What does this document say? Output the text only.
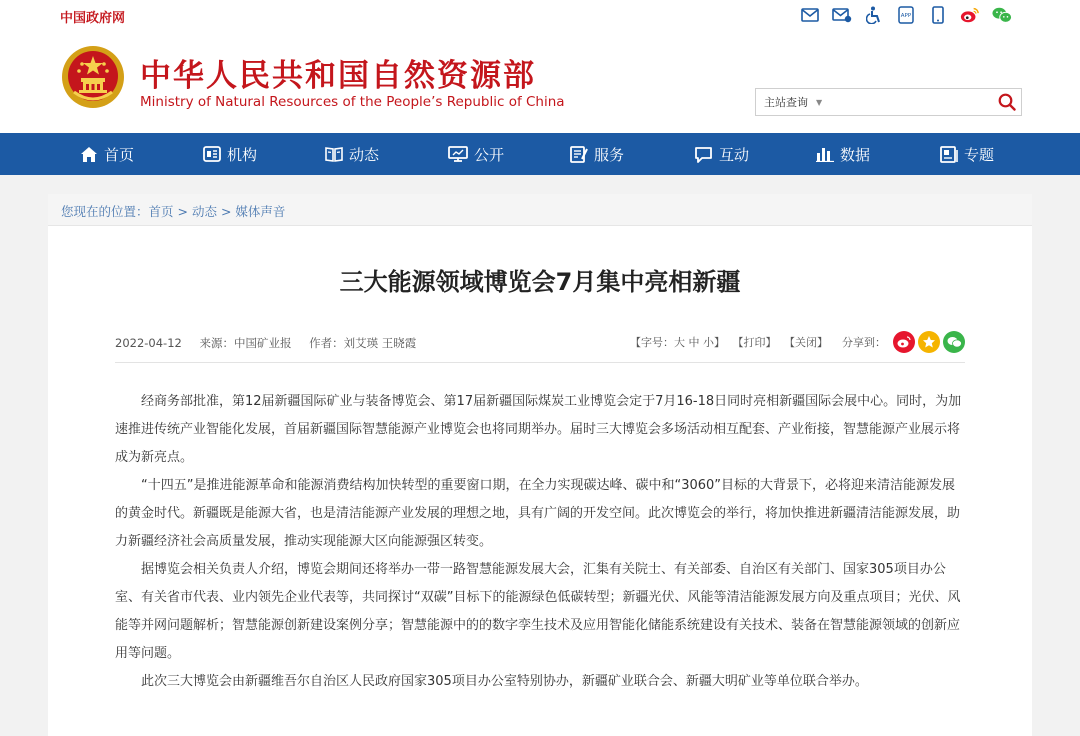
中国政府网	APP
中华人民共和国自然资源部
Ministry of Natural Resources of the People’s Republic of China	主站查询 ▼
首页	机构	动态	公开	服务	互动	数据	专题
您现在的位置：首页 > 动态 > 媒体声音
三大能源领域博览会7月集中亮相新疆
2022-04-12 来源：中国矿业报 作者：刘艾瑛 王晓霞	【字号：大 中 小】 【打印】 【关闭】 分享到：

经商务部批准，第12届新疆国际矿业与装备博览会、第17届新疆国际煤炭工业博览会定于7月16-18日同时亮相新疆国际会展中心。同时，为加速推进传统产业智能化发展，首届新疆国际智慧能源产业博览会也将同期举办。届时三大博览会多场活动相互配套、产业衔接，智慧能源产业展示将成为新亮点。

“十四五”是推进能源革命和能源消费结构加快转型的重要窗口期，在全力实现碳达峰、碳中和“3060”目标的大背景下，必将迎来清洁能源发展的黄金时代。新疆既是能源大省，也是清洁能源产业发展的理想之地，具有广阔的开发空间。此次博览会的举行，将加快推进新疆清洁能源发展，助力新疆经济社会高质量发展，推动实现能源大区向能源强区转变。

据博览会相关负责人介绍，博览会期间还将举办一带一路智慧能源发展大会，汇集有关院士、有关部委、自治区有关部门、国家305项目办公室、有关省市代表、业内领先企业代表等，共同探讨“双碳”目标下的能源绿色低碳转型；新疆光伏、风能等清洁能源发展方向及重点项目；光伏、风能等并网问题解析；智慧能源创新建设案例分享；智慧能源中的的数字孪生技术及应用智能化储能系统建设有关技术、装备在智慧能源领域的创新应用等问题。

此次三大博览会由新疆维吾尔自治区人民政府国家305项目办公室特别协办，新疆矿业联合会、新疆大明矿业等单位联合举办。
